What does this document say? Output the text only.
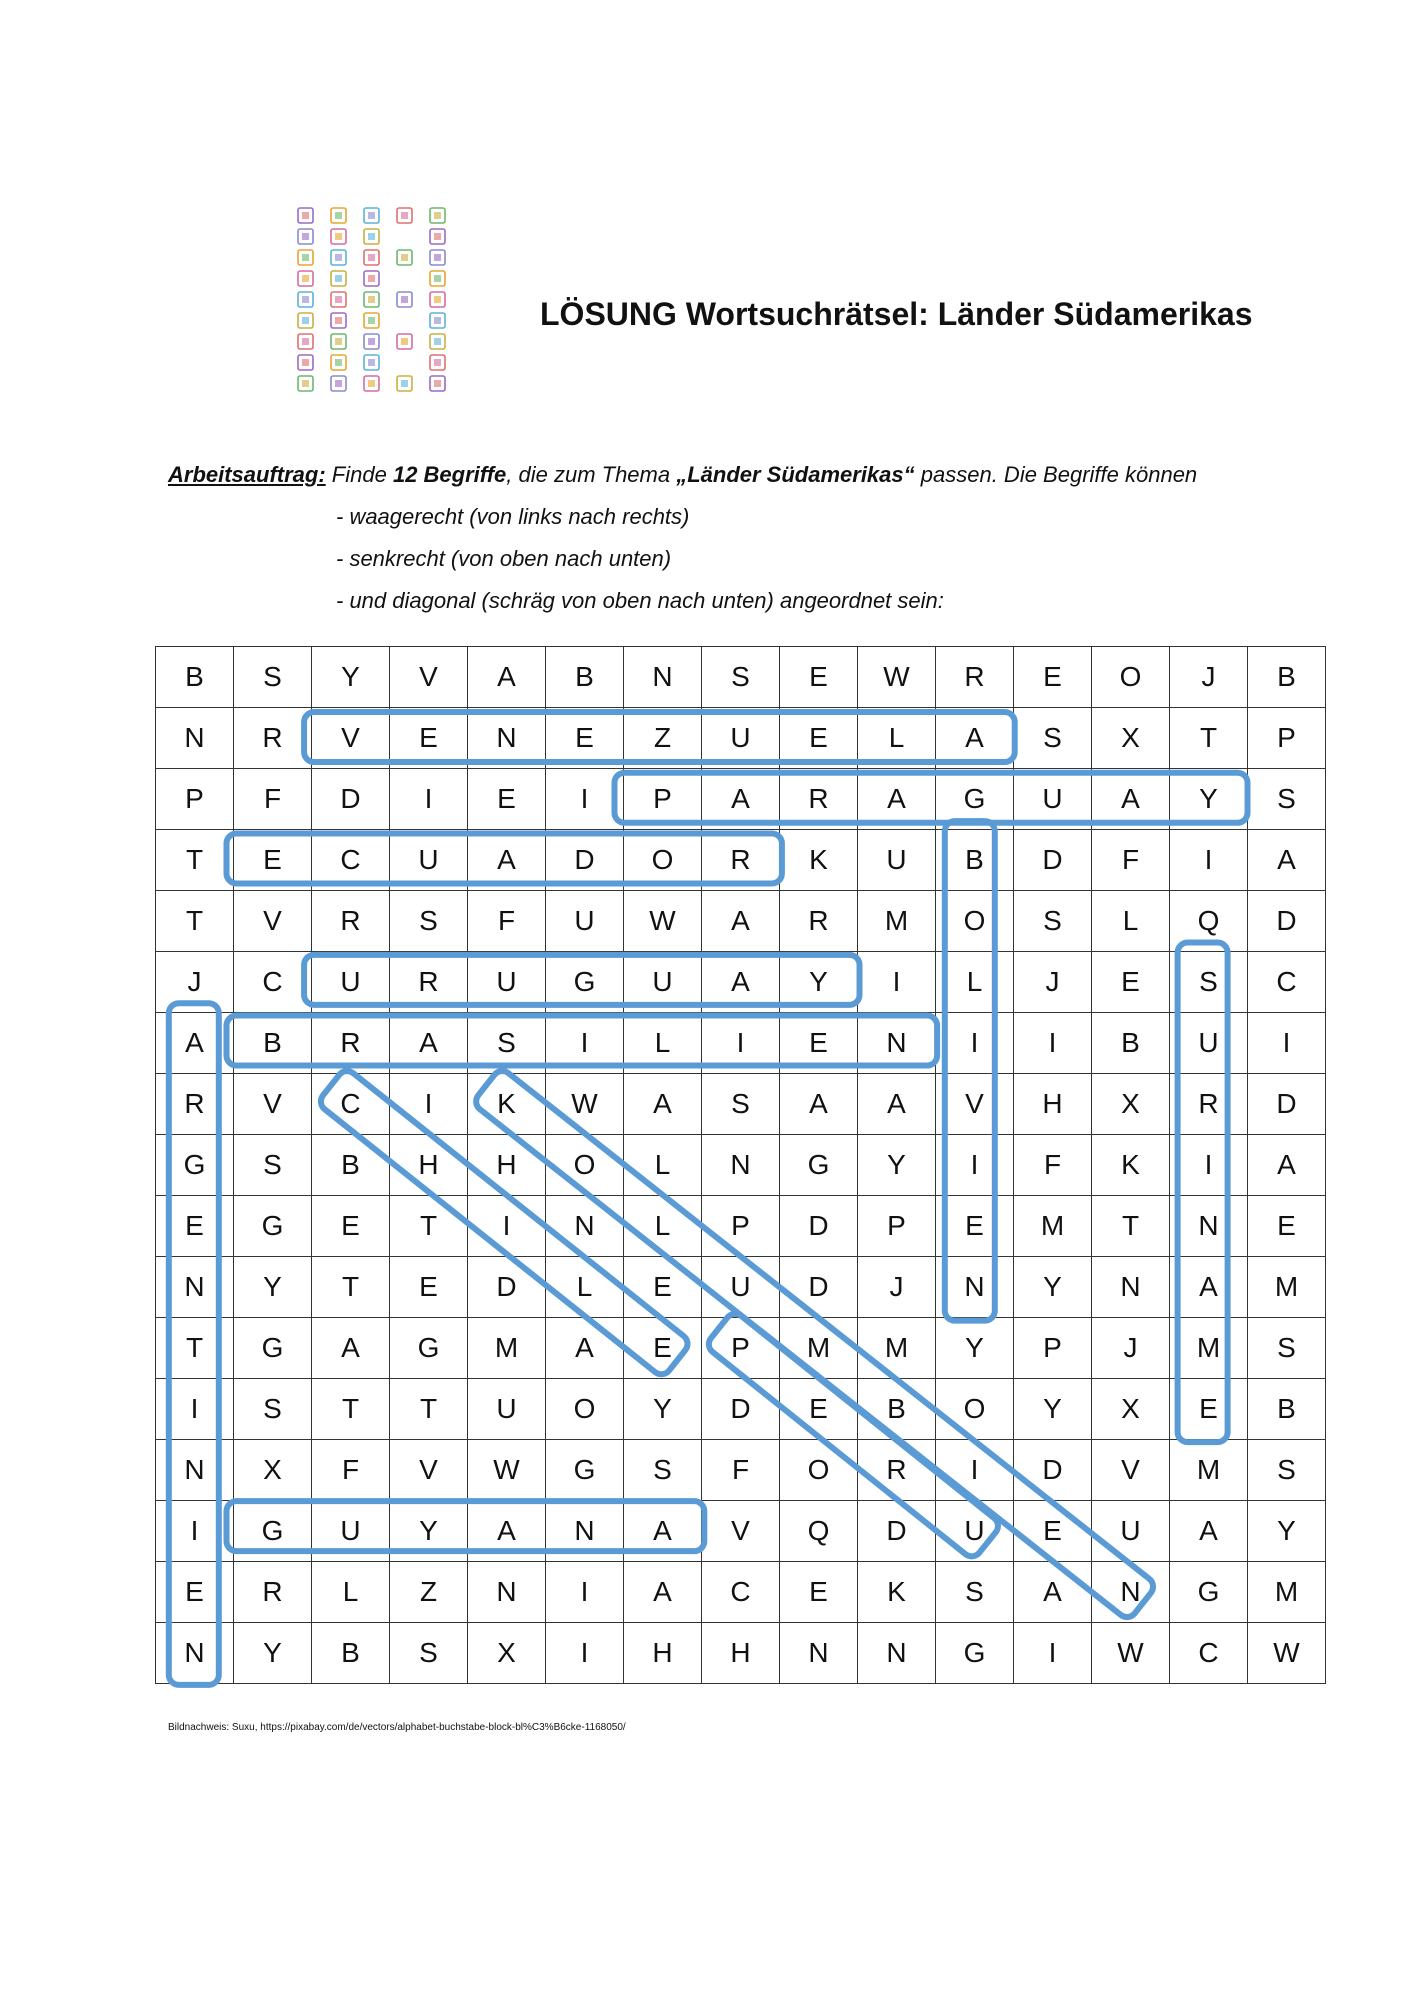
LÖSUNG Wortsuchrätsel: Länder Südamerikas
Arbeitsauftrag: Finde 12 Begriffe, die zum Thema „Länder Südamerikas“ passen. Die Begriffe können
- waagerecht (von links nach rechts)
- senkrecht (von oben nach unten)
- und diagonal (schräg von oben nach unten) angeordnet sein:
B	S	Y	V	A	B	N	S	E	W	R	E	O	J	B
N	R	V	E	N	E	Z	U	E	L	A	S	X	T	P
P	F	D	I	E	I	P	A	R	A	G	U	A	Y	S
T	E	C	U	A	D	O	R	K	U	B	D	F	I	A
T	V	R	S	F	U	W	A	R	M	O	S	L	Q	D
J	C	U	R	U	G	U	A	Y	I	L	J	E	S	C
A	B	R	A	S	I	L	I	E	N	I	I	B	U	I
R	V	C	I	K	W	A	S	A	A	V	H	X	R	D
G	S	B	H	H	O	L	N	G	Y	I	F	K	I	A
E	G	E	T	I	N	L	P	D	P	E	M	T	N	E
N	Y	T	E	D	L	E	U	D	J	N	Y	N	A	M
T	G	A	G	M	A	E	P	M	M	Y	P	J	M	S
I	S	T	T	U	O	Y	D	E	B	O	Y	X	E	B
N	X	F	V	W	G	S	F	O	R	I	D	V	M	S
I	G	U	Y	A	N	A	V	Q	D	U	E	U	A	Y
E	R	L	Z	N	I	A	C	E	K	S	A	N	G	M
N	Y	B	S	X	I	H	H	N	N	G	I	W	C	W
Bildnachweis: Suxu, https://pixabay.com/de/vectors/alphabet-buchstabe-block-bl%C3%B6cke-1168050/
